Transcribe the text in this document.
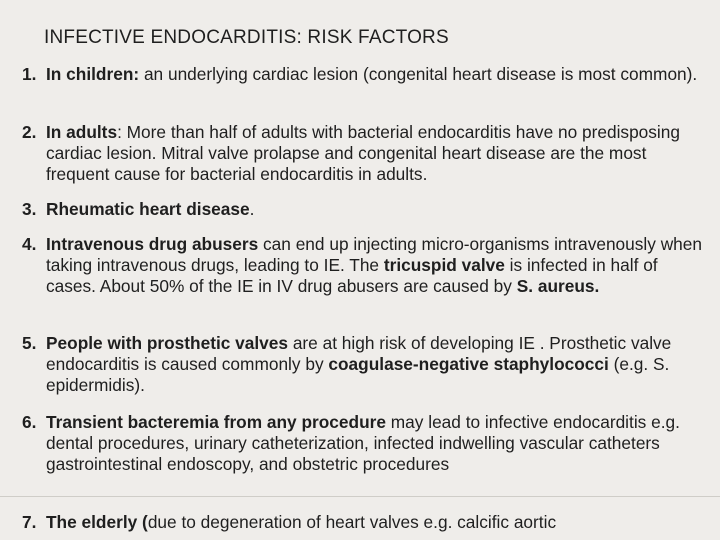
INFECTIVE ENDOCARDITIS: RISK FACTORS
1. In children: an underlying cardiac lesion (congenital heart disease is most common).
2. In adults: More than half of adults with bacterial endocarditis have no predisposing cardiac lesion. Mitral valve prolapse and congenital heart disease are the most frequent cause for bacterial endocarditis in adults.
3. Rheumatic heart disease.
4. Intravenous drug abusers can end up injecting micro-organisms intravenously when taking intravenous drugs, leading to IE. The tricuspid valve is infected in half of cases. About 50% of the IE in IV drug abusers are caused by S. aureus.
5. People with prosthetic valves are at high risk of developing IE . Prosthetic valve endocarditis is caused commonly by coagulase-negative staphylococci (e.g. S. epidermidis).
6. Transient bacteremia from any procedure may lead to infective endocarditis e.g. dental procedures, urinary catheterization, infected indwelling vascular catheters gastrointestinal endoscopy, and obstetric procedures
7. The elderly (due to degeneration of heart valves e.g. calcific aortic
